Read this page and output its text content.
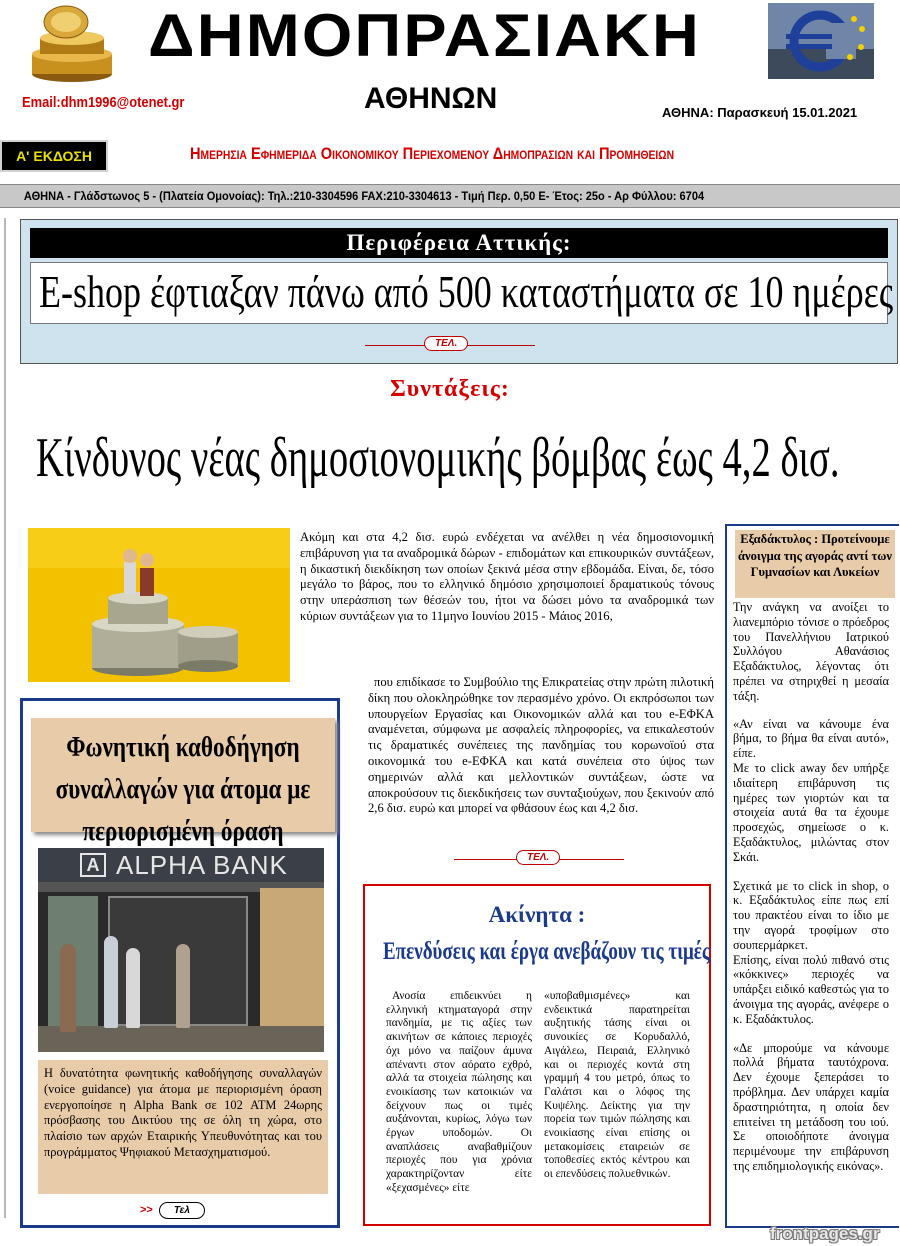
ΔΗΜΟΠΡΑΣΙΑΚΗ
Email:dhm1996@otenet.gr	ΑΘΗΝΩΝ	ΑΘΗΝΑ: Παρασκευή 15.01.2021
Α' ΕΚΔΟΣΗ	Ημερησια Εφημεριδα Οικονομικου Περιεχομενου Δημοπρασιων και Προμηθειων
ΑΘΗΝΑ - Γλάδστωνος 5 - (Πλατεία Ομονοίας): Τηλ.:210-3304596 FAX:210-3304613 - Τιμή Περ. 0,50 Ε- Έτος: 25ο - Αρ Φύλλου: 6704
Περιφέρεια Αττικής:
E-shop έφτιαξαν πάνω από 500 καταστήματα σε 10 ημέρες
ΤΕΛ.
Συντάξεις:
Κίνδυνος νέας δημοσιονομικής βόμβας έως 4,2 δισ.

Ακόμη και στα 4,2 δισ. ευρώ ενδέχεται να ανέλθει η νέα δημοσιονομική επιβάρυνση για τα αναδρομικά δώρων - επιδομάτων και επικουρικών συντάξεων, η δικαστική διεκδίκηση των οποίων ξεκινά μέσα στην εβδομάδα. Είναι, δε, τόσο μεγάλο το βάρος, που το ελληνικό δημόσιο χρησιμοποιεί δραματικούς τόνους στην υπεράσπιση των θέσεών του, ήτοι να δώσει μόνο τα αναδρομικά των κύριων συντάξεων για το 11μηνο Ιουνίου 2015 - Μάιος 2016,

που επιδίκασε το Συμβούλιο της Επικρατείας στην πρώτη πιλοτική δίκη που ολοκληρώθηκε τον περασμένο χρόνο. Οι εκπρόσωποι των υπουργείων Εργασίας και Οικονομικών αλλά και του e-ΕΦΚΑ αναμένεται, σύμφωνα με ασφαλείς πληροφορίες, να επικαλεστούν τις δραματικές συνέπειες της πανδημίας του κορωνοϊού στα οικονομικά του e-ΕΦΚΑ και κατά συνέπεια στο ύψος των σημερινών αλλά και μελλοντικών συντάξεων, ώστε να αποκρούσουν τις διεκδικήσεις των συνταξιούχων, που ξεκινούν από 2,6 δισ. ευρώ και μπορεί να φθάσουν έως και 4,2 δισ.

ΤΕΛ.
Φωνητική καθοδήγηση συναλλαγών για άτομα με περιορισμένη όραση
A ALPHA BANK

Η δυνατότητα φωνητικής καθοδήγησης συναλλαγών (voice guidance) για άτομα με περιορισμένη όραση ενεργοποίησε η Alpha Bank σε 102 ATM 24ωρης πρόσβασης του Δικτύου της σε όλη τη χώρα, στο πλαίσιο των αρχών Εταιρικής Υπευθυνότητας και του προγράμματος Ψηφιακού Μετασχηματισμού.

>> Τελ
Ακίνητα :
Επενδύσεις και έργα ανεβάζουν τις τιμές

Ανοσία επιδεικνύει η ελληνική κτηματαγορά στην πανδημία, με τις αξίες των ακινήτων σε κάποιες περιοχές όχι μόνο να παίζουν άμυνα απέναντι στον αόρατο εχθρό, αλλά τα στοιχεία πώλησης και ενοικίασης των κατοικιών να δείχνουν πως οι τιμές αυξάνονται, κυρίως, λόγω των έργων υποδομών. Οι αναπλάσεις αναβαθμίζουν περιοχές που για χρόνια χαρακτηρίζονταν είτε «ξεχασμένες» είτε

«υποβαθμισμένες» και ενδεικτικά παρατηρείται αυξητικής τάσης είναι οι συνοικίες σε Κορυδαλλό, Αιγάλεω, Πειραιά, Ελληνικό και οι περιοχές κοντά στη γραμμή 4 του μετρό, όπως το Γαλάτσι και ο λόφος της Κυψέλης. Δείκτης για την πορεία των τιμών πώλησης και ενοικίασης είναι επίσης οι μετακομίσεις εταιρειών σε τοποθεσίες εκτός κέντρου και οι επενδύσεις πολυεθνικών.

Εξαδάκτυλος : Προτείνουμε άνοιγμα της αγοράς αντί των Γυμνασίων και Λυκείων

Την ανάγκη να ανοίξει το λιανεμπόριο τόνισε ο πρόεδρος του Πανελλήνιου Ιατρικού Συλλόγου Αθανάσιος Εξαδάκτυλος, λέγοντας ότι πρέπει να στηριχθεί η μεσαία τάξη.

«Αν είναι να κάνουμε ένα βήμα, το βήμα θα είναι αυτό», είπε.

Με το click away δεν υπήρξε ιδιαίτερη επιβάρυνση τις ημέρες των γιορτών και τα στοιχεία αυτά θα τα έχουμε προσεχώς, σημείωσε ο κ. Εξαδάκτυλος, μιλώντας στον Σκάι.

Σχετικά με το click in shop, ο κ. Εξαδάκτυλος είπε πως επί του πρακτέου είναι το ίδιο με την αγορά τροφίμων στο σουπερμάρκετ.

Επίσης, είναι πολύ πιθανό στις «κόκκινες» περιοχές να υπάρξει ειδικό καθεστώς για το άνοιγμα της αγοράς, ανέφερε ο κ. Εξαδάκτυλος.

«Δε μπορούμε να κάνουμε πολλά βήματα ταυτόχρονα. Δεν έχουμε ξεπεράσει το πρόβλημα. Δεν υπάρχει καμία δραστηριότητα, η οποία δεν επιτείνει τη μετάδοση του ιού. Σε οποιοδήποτε άνοιγμα περιμένουμε την επιβάρυνση της επιδημιολογικής εικόνας».

frontpages.gr
